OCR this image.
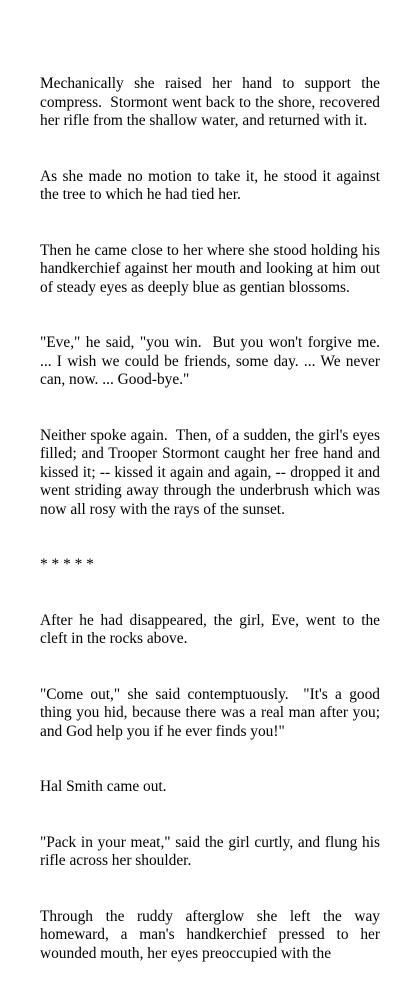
Mechanically she raised her hand to support the compress.  Stormont went back to the shore, recovered her rifle from the shallow water, and returned with it.

As she made no motion to take it, he stood it against the tree to which he had tied her.

Then he came close to her where she stood holding his handkerchief against her mouth and looking at him out of steady eyes as deeply blue as gentian blossoms.

"Eve," he said, "you win.  But you won't forgive me.  ... I wish we could be friends, some day. ... We never can, now. ... Good-bye."

Neither spoke again.  Then, of a sudden, the girl's eyes filled; and Trooper Stormont caught her free hand and kissed it; -- kissed it again and again, -- dropped it and went striding away through the underbrush which was now all rosy with the rays of the sunset.

* * * * *

After he had disappeared, the girl, Eve, went to the cleft in the rocks above.

"Come out," she said contemptuously.  "It's a good thing you hid, because there was a real man after you; and God help you if he ever finds you!"

Hal Smith came out.

"Pack in your meat," said the girl curtly, and flung his rifle across her shoulder.

Through the ruddy afterglow she left the way homeward, a man's handkerchief pressed to her wounded mouth, her eyes preoccupied with the
